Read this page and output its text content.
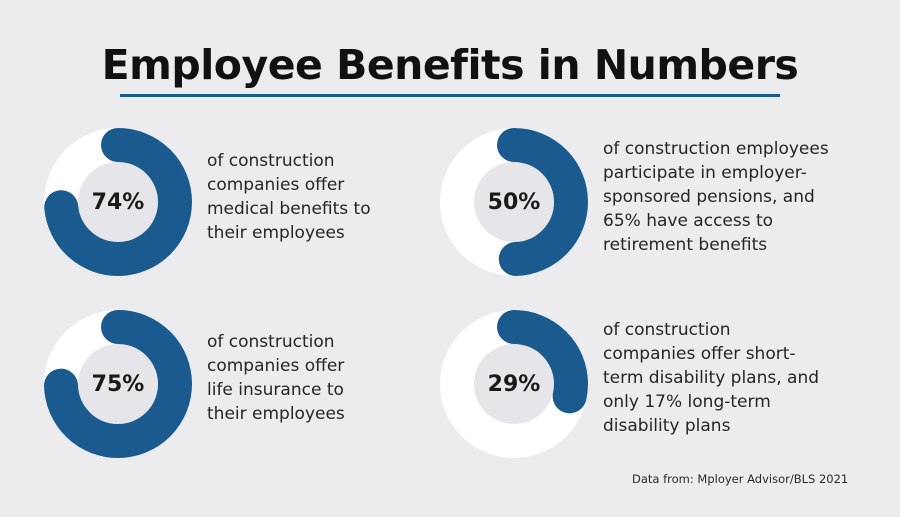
Employee Benefits in Numbers
74%

of construction
companies offer
medical benefits to
their employees

50%

of construction employees
participate in employer-
sponsored pensions, and
65% have access to
retirement benefits

75%

of construction
companies offer
life insurance to
their employees

29%

of construction
companies offer short-
term disability plans, and
only 17% long-term
disability plans

Data from: Mployer Advisor/BLS 2021
